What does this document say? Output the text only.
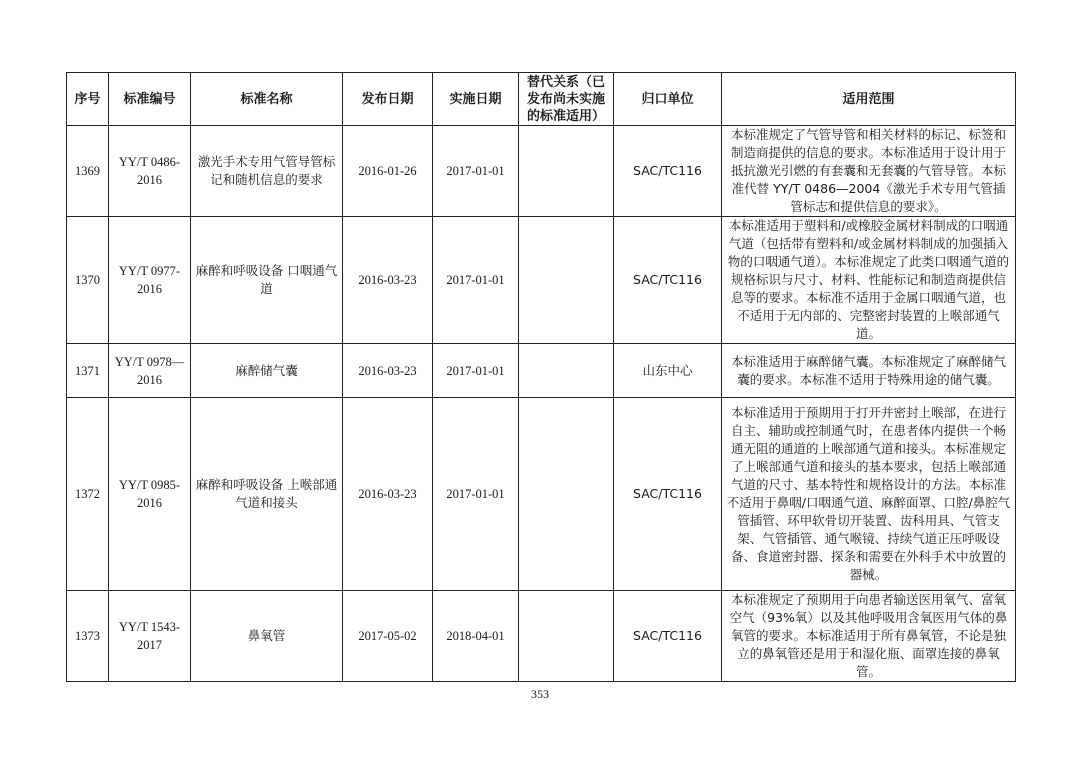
序号	标准编号	标准名称	发布日期	实施日期	替代关系（已发布尚未实施的标准适用）	归口单位	适用范围
1369	YY/T 0486-2016	激光手术专用气管导管标记和随机信息的要求	2016-01-26	2017-01-01		SAC/TC116	本标准规定了气管导管和相关材料的标记、标签和制造商提供的信息的要求。本标准适用于设计用于抵抗激光引燃的有套囊和无套囊的气管导管。本标准代替 YY/T 0486—2004《激光手术专用气管插管标志和提供信息的要求》。
1370	YY/T 0977-2016	麻醉和呼吸设备 口咽通气道	2016-03-23	2017-01-01		SAC/TC116	本标准适用于塑料和/或橡胶金属材料制成的口咽通气道（包括带有塑料和/或金属材料制成的加强插入物的口咽通气道）。本标准规定了此类口咽通气道的规格标识与尺寸、材料、性能标记和制造商提供信息等的要求。本标准不适用于金属口咽通气道，也不适用于无内部的、完整密封装置的上喉部通气道。
1371	YY/T 0978—2016	麻醉储气囊	2016-03-23	2017-01-01		山东中心	本标准适用于麻醉储气囊。本标准规定了麻醉储气囊的要求。本标准不适用于特殊用途的储气囊。
1372	YY/T 0985-2016	麻醉和呼吸设备 上喉部通气道和接头	2016-03-23	2017-01-01		SAC/TC116	本标准适用于预期用于打开并密封上喉部，在进行自主、辅助或控制通气时，在患者体内提供一个畅通无阻的通道的上喉部通气道和接头。本标准规定了上喉部通气道和接头的基本要求，包括上喉部通气道的尺寸、基本特性和规格设计的方法。本标准不适用于鼻咽/口咽通气道、麻醉面罩、口腔/鼻腔气管插管、环甲软骨切开装置、齿科用具、气管支架、气管插管、通气喉镜、持续气道正压呼吸设备、食道密封器、探条和需要在外科手术中放置的器械。
1373	YY/T 1543-2017	鼻氧管	2017-05-02	2018-04-01		SAC/TC116	本标准规定了预期用于向患者输送医用氧气、富氧空气（93%氧）以及其他呼吸用含氧医用气体的鼻氧管的要求。本标准适用于所有鼻氧管，不论是独立的鼻氧管还是用于和湿化瓶、面罩连接的鼻氧管。
353
